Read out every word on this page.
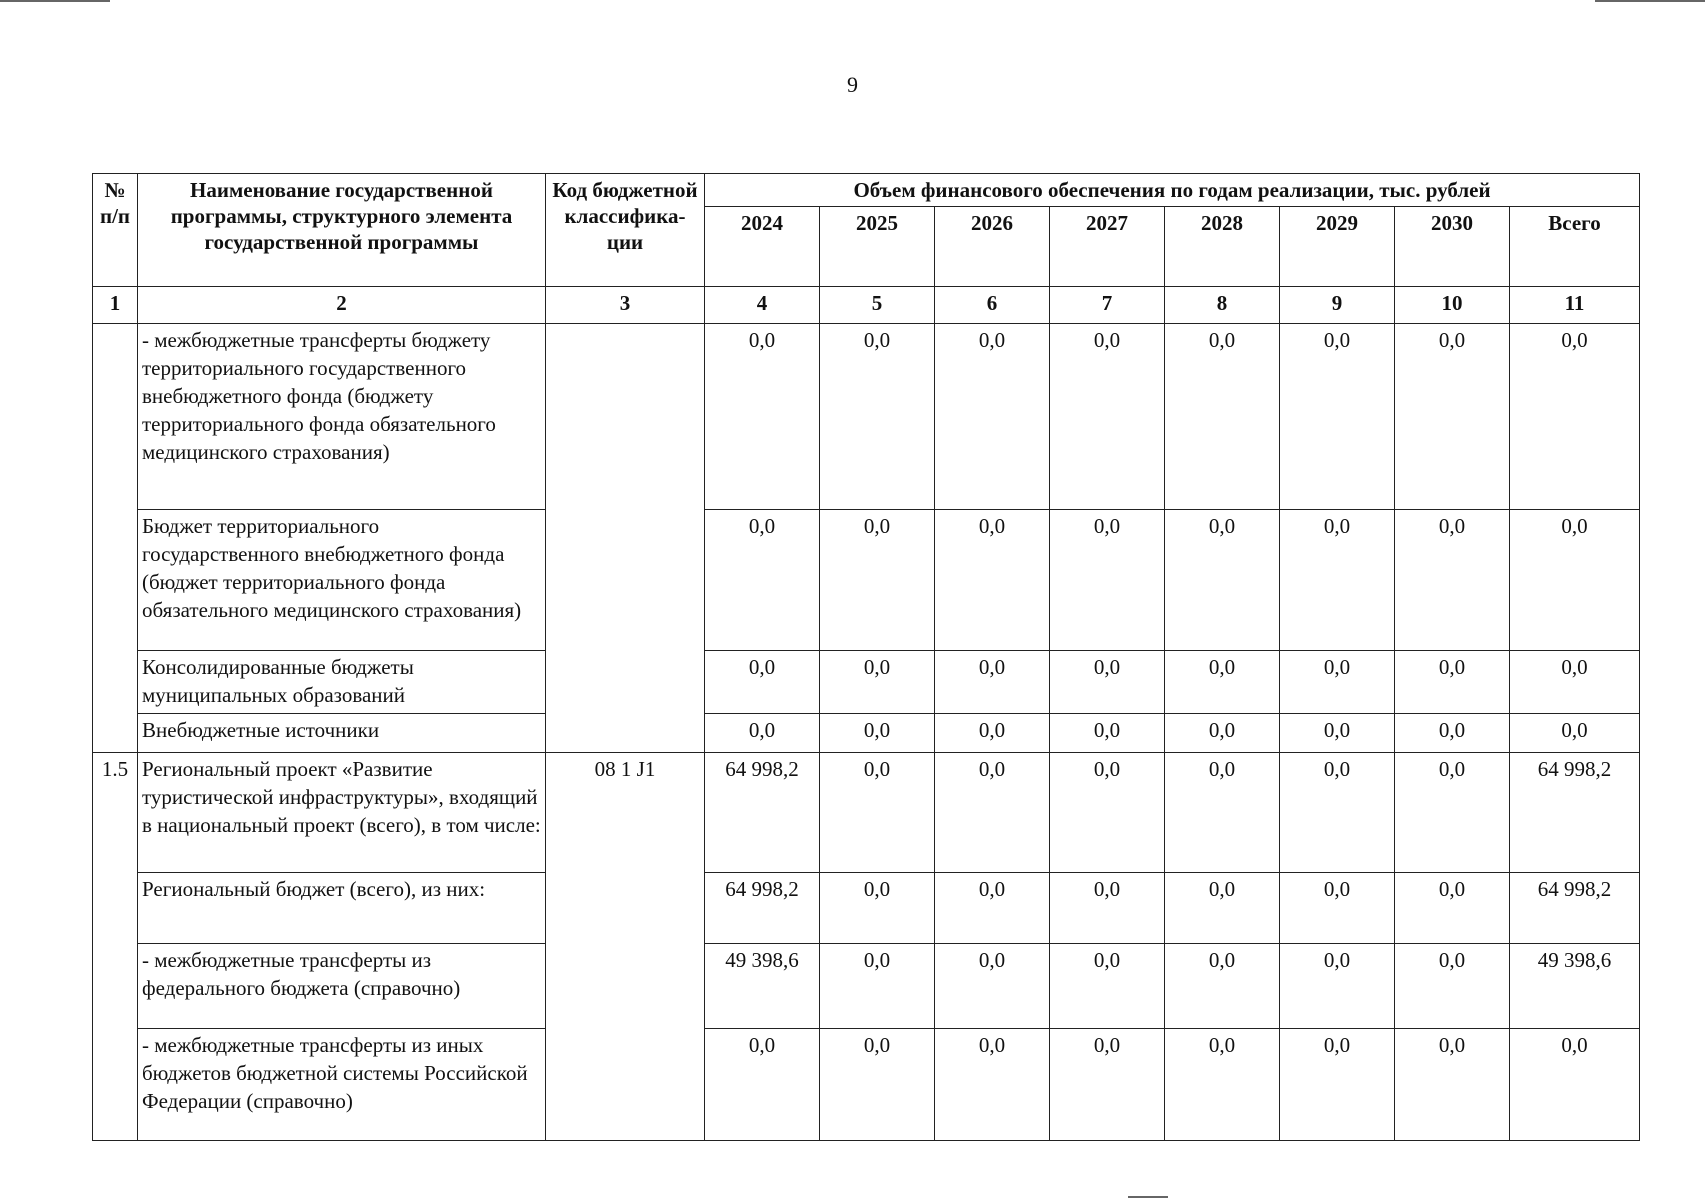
9
№ п/п	Наименование государственной программы, структурного элемента государственной программы	Код бюджетной классифика-ции	Объем финансового обеспечения по годам реализации, тыс. рублей							
			2024	2025	2026	2027	2028	2029	2030	Всего
1	2	3	4	5	6	7	8	9	10	11
	- межбюджетные трансферты бюджету территориального государственного внебюджетного фонда (бюджету территориального фонда обязательного медицинского страхования)		0,0	0,0	0,0	0,0	0,0	0,0	0,0	0,0
	Бюджет территориального государственного внебюджетного фонда (бюджет территориального фонда обязательного медицинского страхования)		0,0	0,0	0,0	0,0	0,0	0,0	0,0	0,0
	Консолидированные бюджеты муниципальных образований		0,0	0,0	0,0	0,0	0,0	0,0	0,0	0,0
	Внебюджетные источники		0,0	0,0	0,0	0,0	0,0	0,0	0,0	0,0
1.5	Региональный проект «Развитие туристической инфраструктуры», входящий в национальный проект (всего), в том числе:	08 1 J1	64 998,2	0,0	0,0	0,0	0,0	0,0	0,0	64 998,2
	Региональный бюджет (всего), из них:		64 998,2	0,0	0,0	0,0	0,0	0,0	0,0	64 998,2
	- межбюджетные трансферты из федерального бюджета (справочно)		49 398,6	0,0	0,0	0,0	0,0	0,0	0,0	49 398,6
	- межбюджетные трансферты из иных бюджетов бюджетной системы Российской Федерации (справочно)		0,0	0,0	0,0	0,0	0,0	0,0	0,0	0,0
